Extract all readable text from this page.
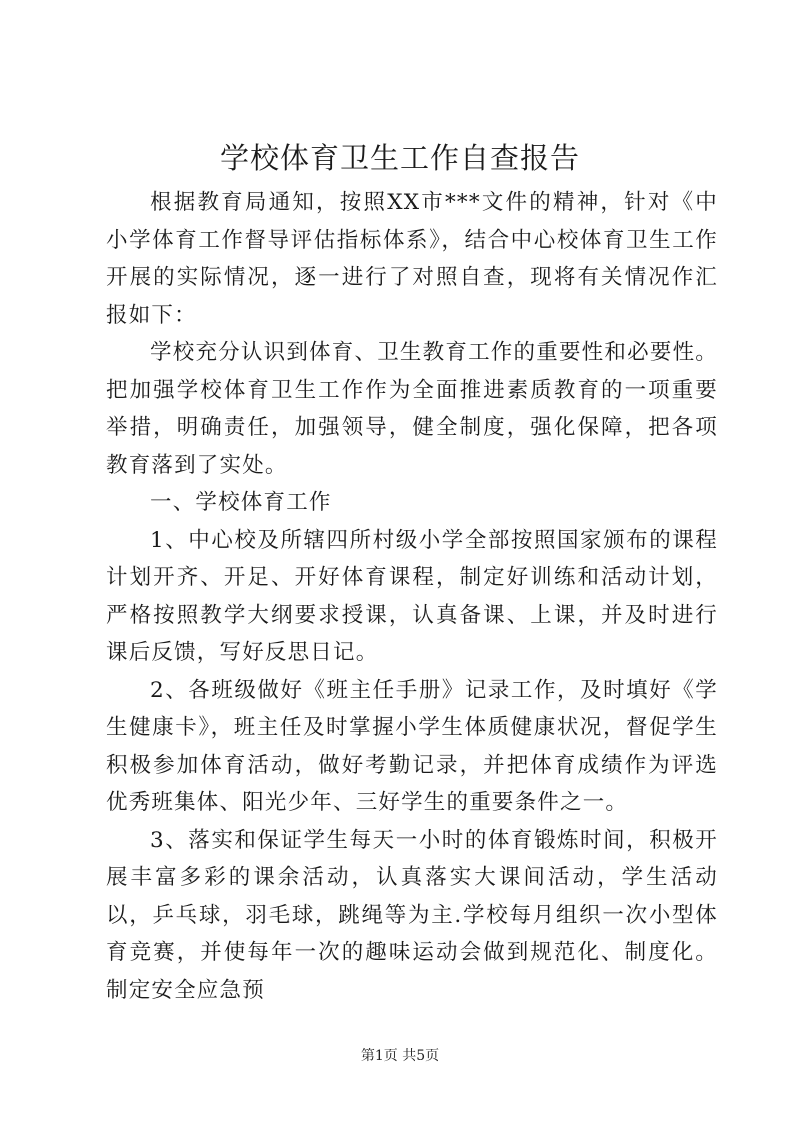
学校体育卫生工作自查报告

根据教育局通知，按照XX市***文件的精神，针对《中小学体育工作督导评估指标体系》，结合中心校体育卫生工作开展的实际情况，逐一进行了对照自查，现将有关情况作汇报如下：

学校充分认识到体育、卫生教育工作的重要性和必要性。把加强学校体育卫生工作作为全面推进素质教育的一项重要举措，明确责任，加强领导，健全制度，强化保障，把各项教育落到了实处。

一、学校体育工作

1、中心校及所辖四所村级小学全部按照国家颁布的课程计划开齐、开足、开好体育课程，制定好训练和活动计划，严格按照教学大纲要求授课，认真备课、上课，并及时进行课后反馈，写好反思日记。

2、各班级做好《班主任手册》记录工作，及时填好《学生健康卡》，班主任及时掌握小学生体质健康状况，督促学生积极参加体育活动，做好考勤记录，并把体育成绩作为评选优秀班集体、阳光少年、三好学生的重要条件之一。

3、落实和保证学生每天一小时的体育锻炼时间，积极开展丰富多彩的课余活动，认真落实大课间活动，学生活动以，乒乓球，羽毛球，跳绳等为主.学校每月组织一次小型体育竞赛，并使每年一次的趣味运动会做到规范化、制度化。制定安全应急预

第1页 共5页
